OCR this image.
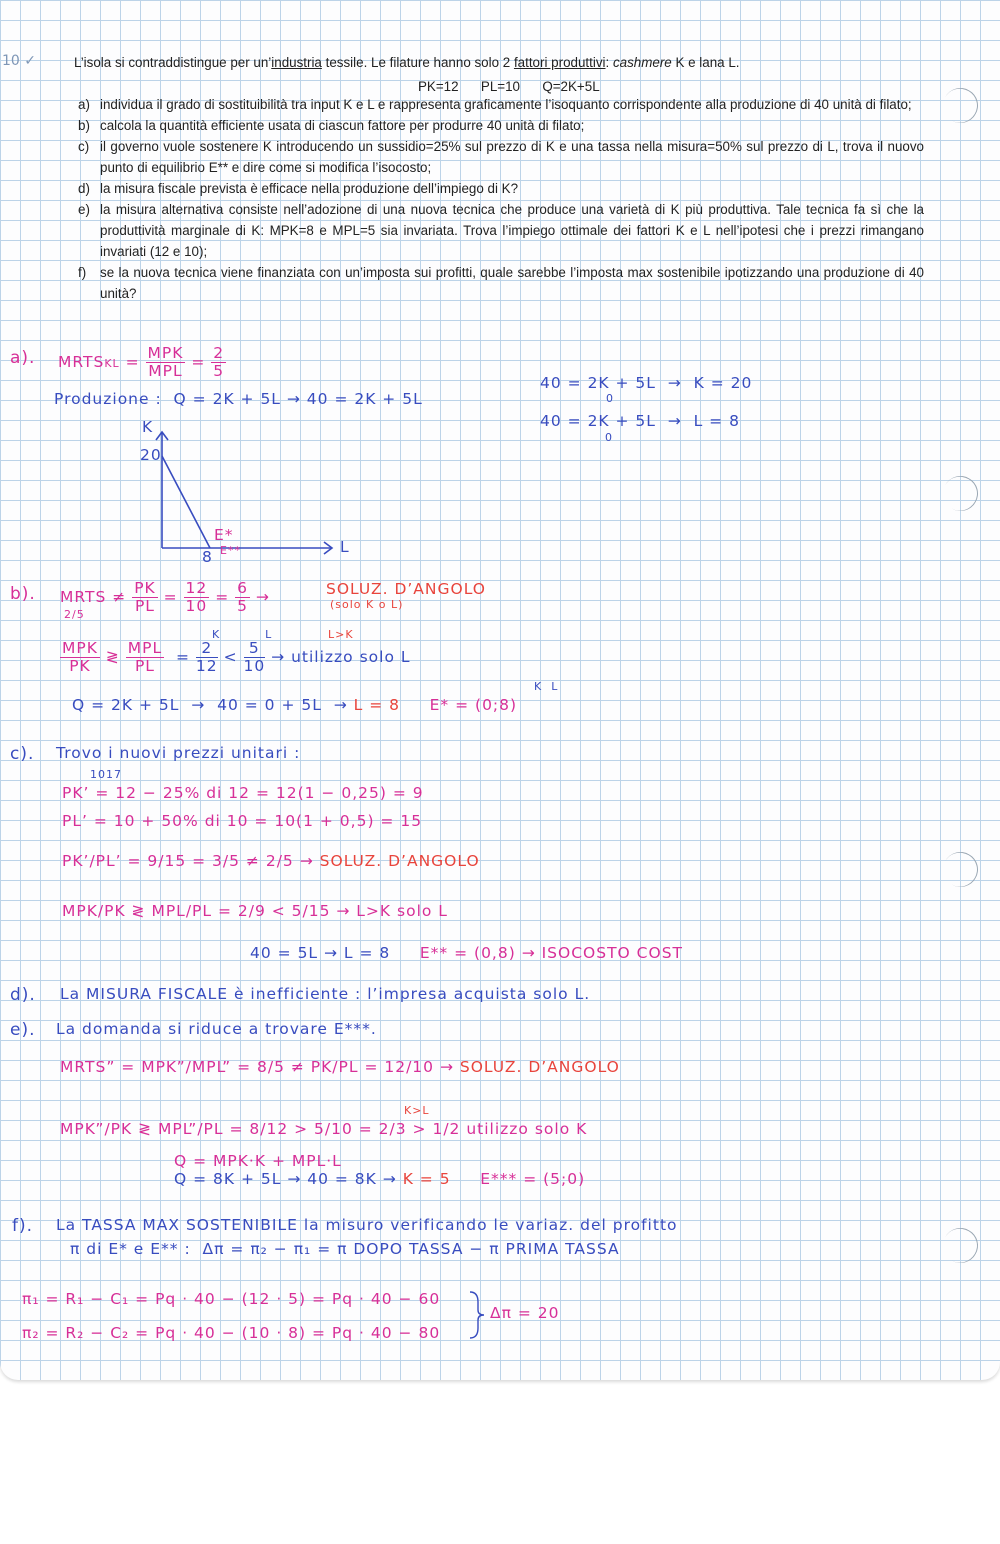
10 ✓	L’isola si contraddistingue per un’industria tessile. Le filature hanno solo 2 fattori produttivi: cashmere K e lana L.
PK=12      PL=10      Q=2K+5L
a) individua il grado di sostituibilità tra input K e L e rappresenta graficamente l’isoquanto corrispondente alla produzione di 40 unità di filato;
b) calcola la quantità efficiente usata di ciascun fattore per produrre 40 unità di filato;
c) il governo vuole sostenere K introducendo un sussidio=25% sul prezzo di K e una tassa nella misura=50% sul prezzo di L, trova il nuovo punto di equilibrio E** e dire come si modifica l’isocosto;
d) la misura fiscale prevista è efficace nella produzione dell’impiego di K?
e) la misura alternativa consiste nell’adozione di una nuova tecnica che produce una varietà di K più produttiva. Tale tecnica fa sì che la produttività marginale di K: MPK=8 e MPL=5 sia invariata. Trova l’impiego ottimale dei fattori K e L nell’ipotesi che i prezzi rimangano invariati (12 e 10);
f) se la nuova tecnica viene finanziata con un’imposta sui profitti, quale sarebbe l’imposta max sostenibile ipotizzando una produzione di 40 unità?
a). MRTSKL = $\frac{\text{MPK}}{\text{MPL}} = \frac{2}{5}$
Produzione :  Q = 2K + 5L → 40 = 2K + 5L
40 = 2K + 5L  →  K = 20
40 = 2K + 5L  →  L = 8
0
0
K
L
20
8
E*
E**
b). MRTS ≠ $\frac{PK}{PL} = \frac{12}{10} = \frac{6}{5}$ →
2/5
SOLUZ. D’ANGOLO
(solo K o L)
L>K
K          L
$\frac{\text{MPK}}{PK}$ ≷ $\frac{\text{MPL}}{PL} = \frac{2}{12} < \frac{5}{10}$ → utilizzo solo L
Q = 2K + 5L  →  40 = 0 + 5L  → L = 8 E* = (0;8)
K  L
c). Trovo i nuovi prezzi unitari :
1017
PK’ = 12 − 25% di 12 = 12(1 − 0,25) = 9
PL’ = 10 + 50% di 10 = 10(1 + 0,5) = 15
PK’/PL’ = 9/15 = 3/5 ≠ 2/5 → SOLUZ. D’ANGOLO
MPK/PK ≷ MPL/PL = 2/9 < 5/15 → L>K solo L
40 = 5L → L = 8 E** = (0,8) → ISOCOSTO COST
d). La MISURA FISCALE è inefficiente : l’impresa acquista solo L.
e). La domanda si riduce a trovare E***.
MRTS” = MPK”/MPL” = 8/5 ≠ PK/PL = 12/10 → SOLUZ. D’ANGOLO
K>L
MPK”/PK ≷ MPL”/PL = 8/12 > 5/10 = 2/3 > 1/2 utilizzo solo K
Q = MPK·K + MPL·L
Q = 8K + 5L → 40 = 8K → K = 5 E*** = (5;0)
f). La TASSA MAX SOSTENIBILE la misuro verificando le variaz. del profitto
π di E* e E** :  Δπ = π₂ − π₁ = π DOPO TASSA − π PRIMA TASSA
π₁ = R₁ − C₁ = Pq · 40 − (12 · 5) = Pq · 40 − 60
π₂ = R₂ − C₂ = Pq · 40 − (10 · 8) = Pq · 40 − 80
Δπ = 20
